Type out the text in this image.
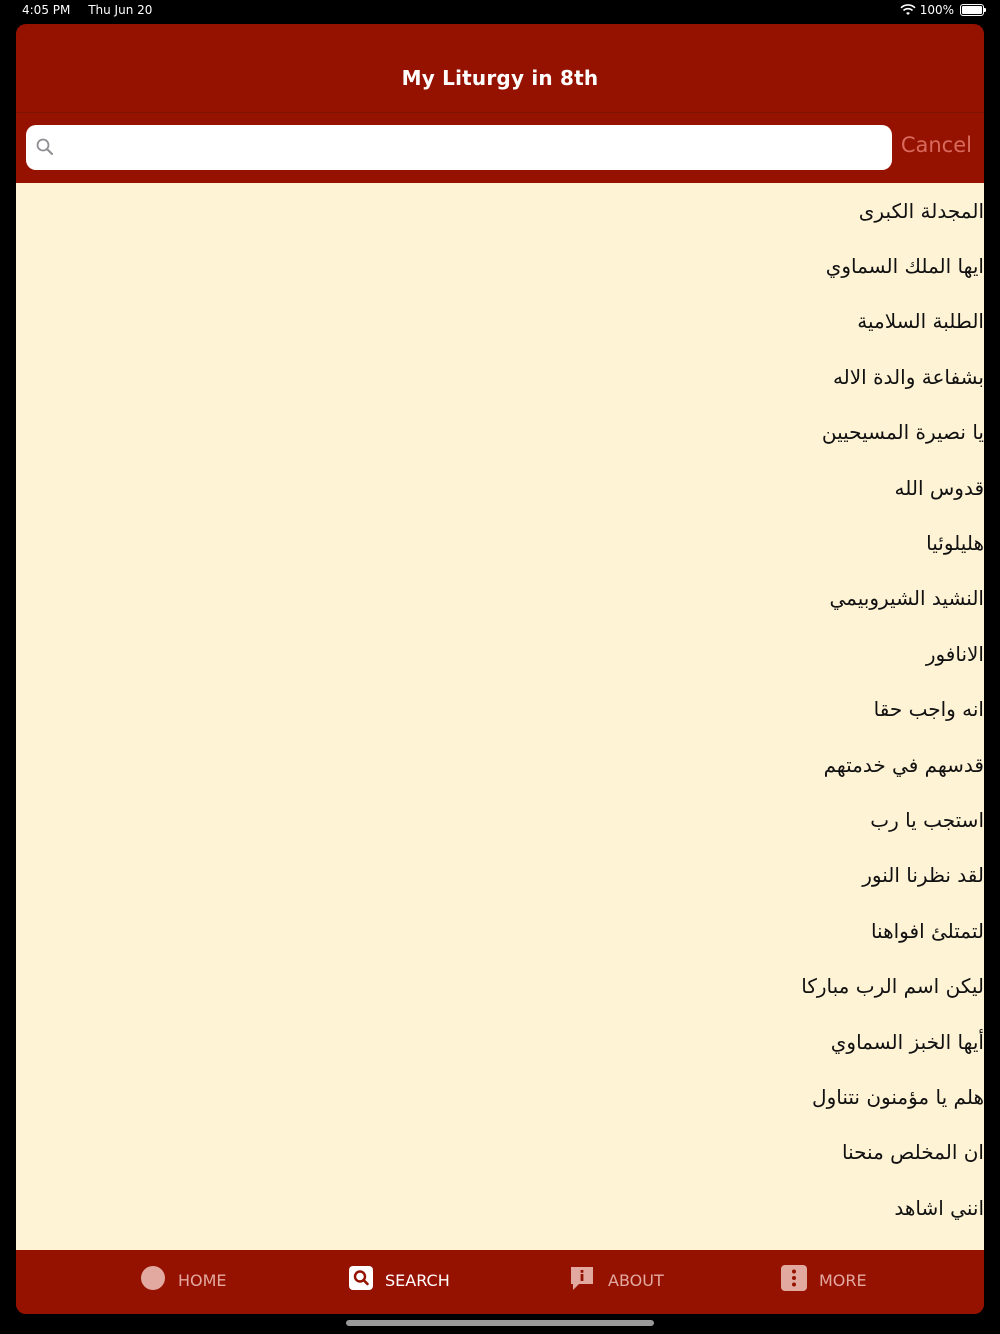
4:05 PM Thu Jun 20	100%
My Liturgy in 8th
Cancel
المجدلة الكبرى
ايها الملك السماوي
الطلبة السلامية
بشفاعة والدة الاله
يا نصيرة المسيحيين
قدوس الله
هليلوئيا
النشيد الشيروبيمي
الانافور
انه واجب حقا
قدسهم في خدمتهم
استجب يا رب
لقد نظرنا النور
لتمتلئ افواهنا
ليكن اسم الرب مباركا
أيها الخبز السماوي
هلم يا مؤمنون نتناول
ان المخلص منحنا
انني اشاهد
HOME	SEARCH	ABOUT	MORE
